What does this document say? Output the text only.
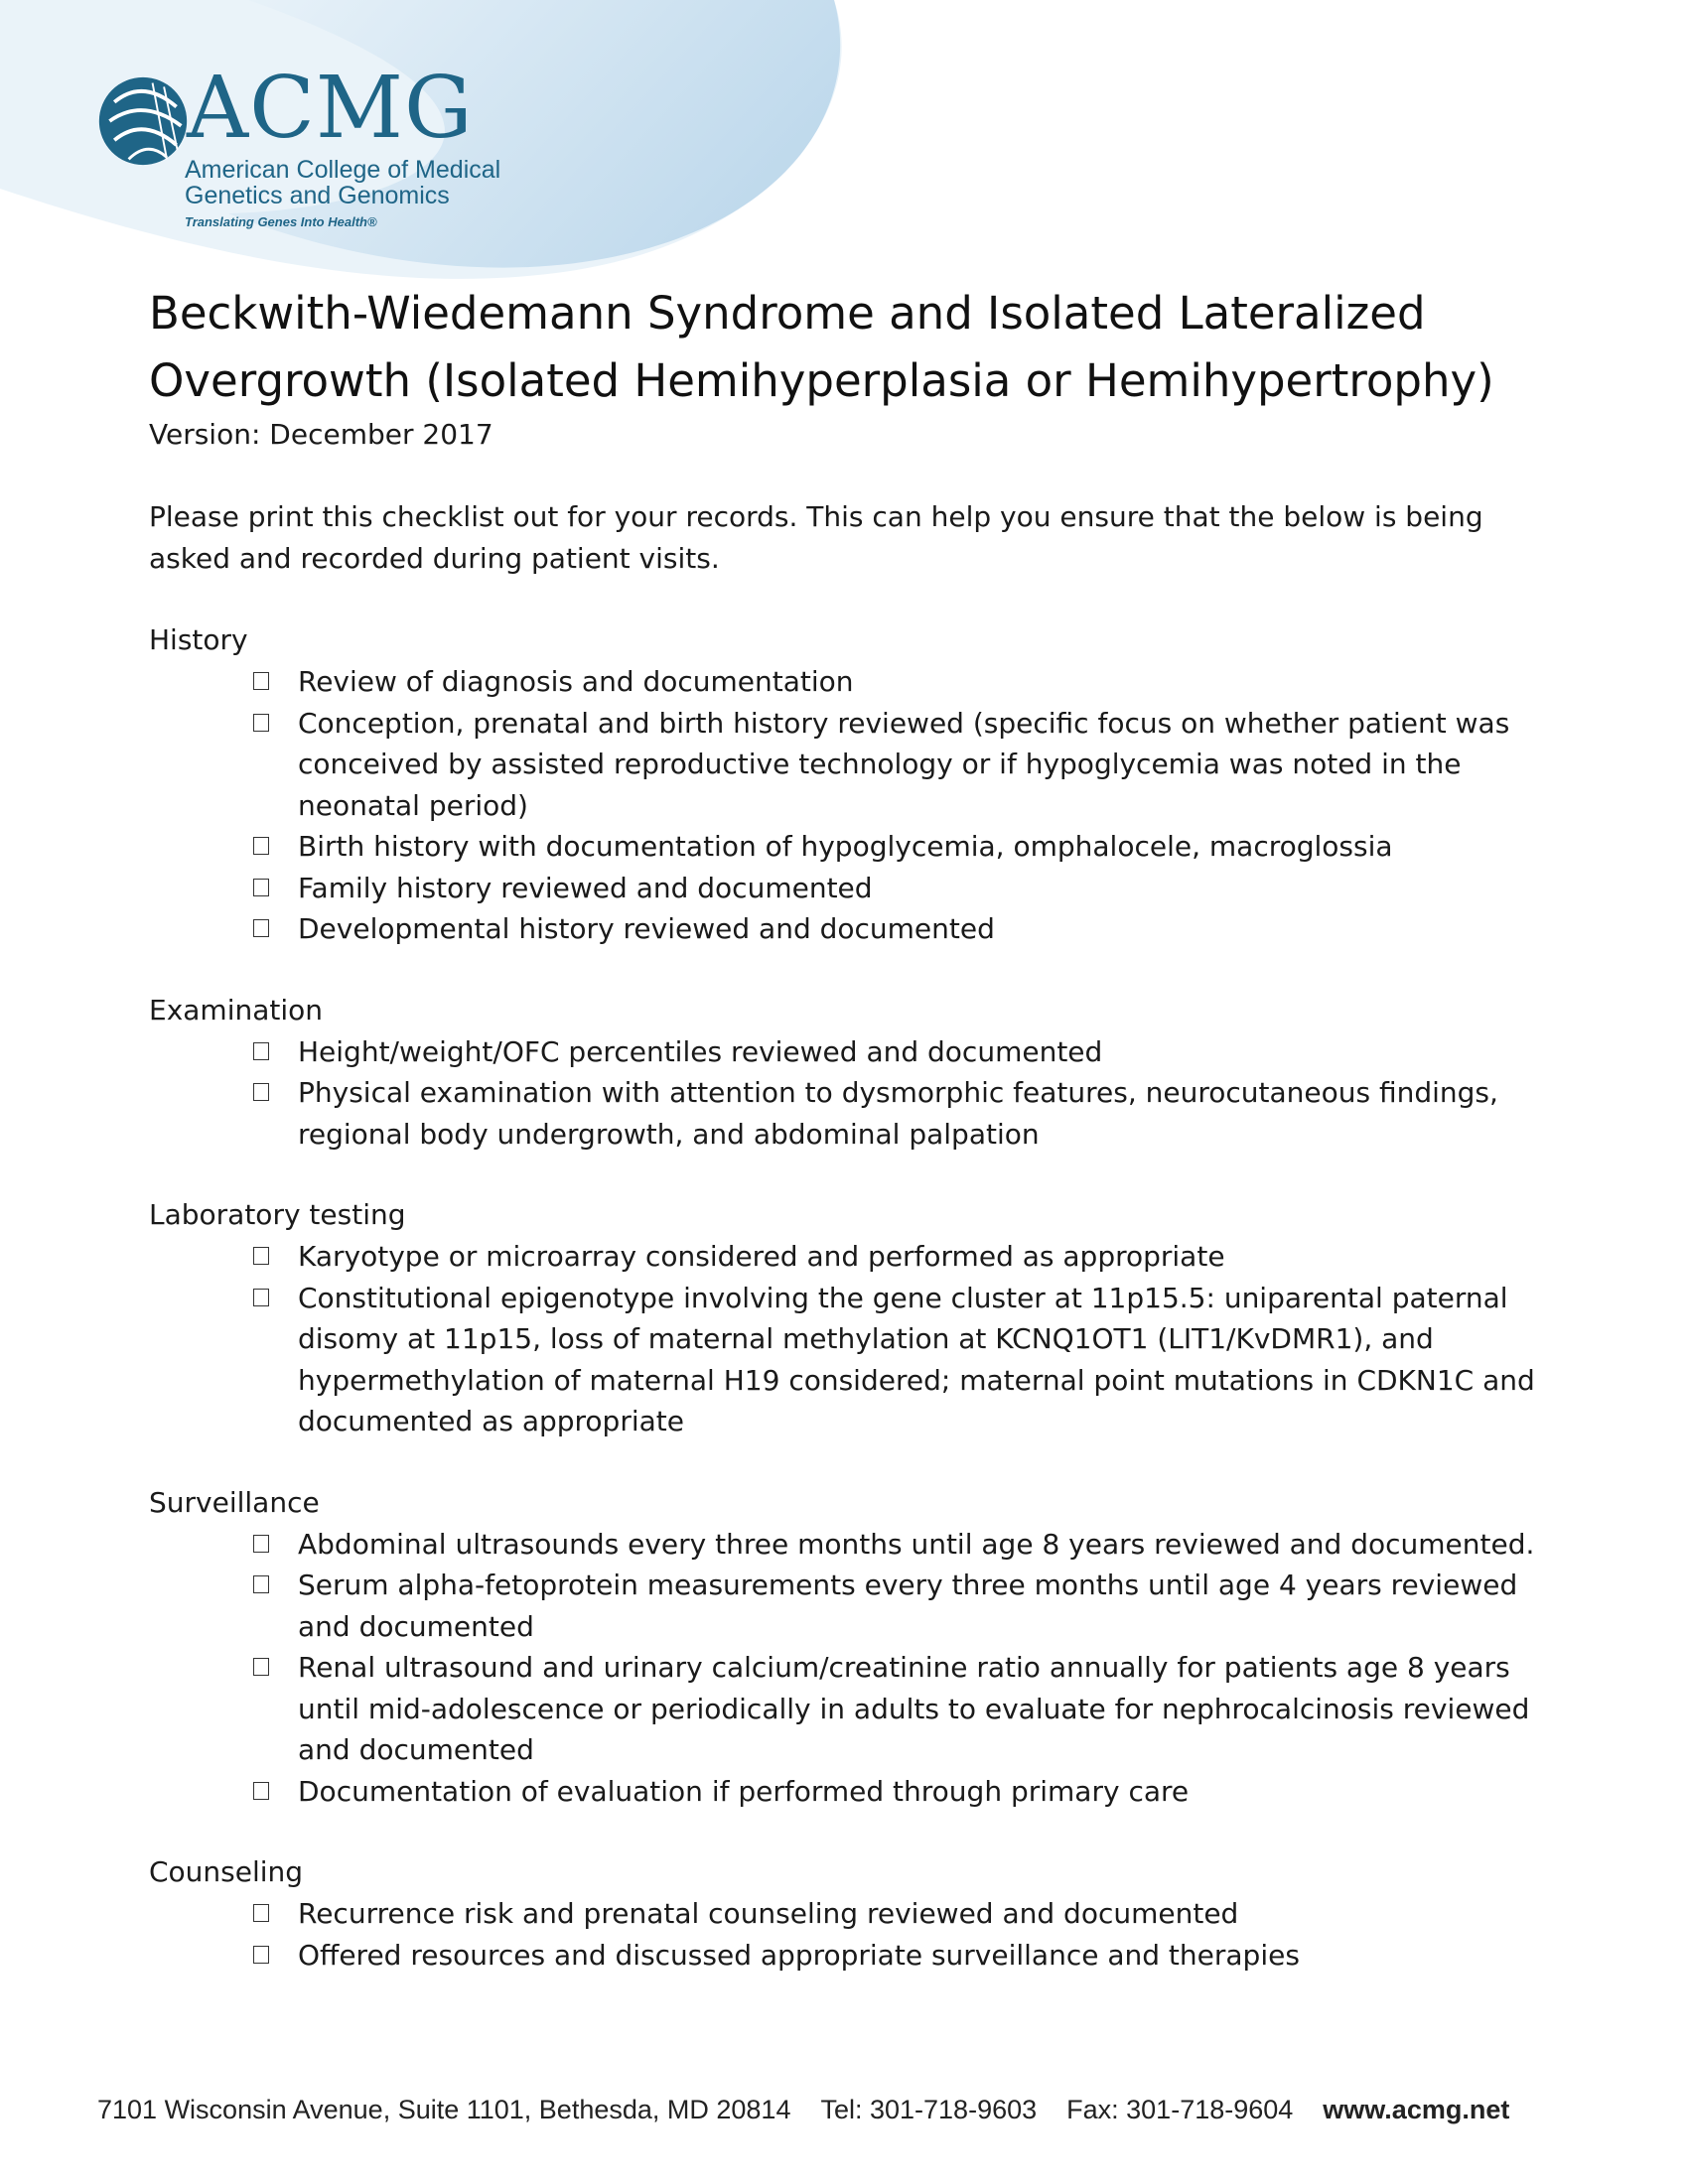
ACMG
American College of Medical
Genetics and Genomics
Translating Genes Into Health®
Beckwith-Wiedemann Syndrome and Isolated Lateralized
Overgrowth (Isolated Hemihyperplasia or Hemihypertrophy)
Version: December 2017
Please print this checklist out for your records. This can help you ensure that the below is being asked and recorded during patient visits.
History
Review of diagnosis and documentation
Conception, prenatal and birth history reviewed (specific focus on whether patient was conceived by assisted reproductive technology or if hypoglycemia was noted in the neonatal period)
Birth history with documentation of hypoglycemia, omphalocele, macroglossia
Family history reviewed and documented
Developmental history reviewed and documented
Examination
Height/weight/OFC percentiles reviewed and documented
Physical examination with attention to dysmorphic features, neurocutaneous findings, regional body undergrowth, and abdominal palpation
Laboratory testing
Karyotype or microarray considered and performed as appropriate
Constitutional epigenotype involving the gene cluster at 11p15.5: uniparental paternal disomy at 11p15, loss of maternal methylation at KCNQ1OT1 (LIT1/KvDMR1), and hypermethylation of maternal H19 considered; maternal point mutations in CDKN1C and documented as appropriate
Surveillance
Abdominal ultrasounds every three months until age 8 years reviewed and documented.
Serum alpha-fetoprotein measurements every three months until age 4 years reviewed and documented
Renal ultrasound and urinary calcium/creatinine ratio annually for patients age 8 years until mid-adolescence or periodically in adults to evaluate for nephrocalcinosis reviewed and documented
Documentation of evaluation if performed through primary care
Counseling
Recurrence risk and prenatal counseling reviewed and documented
Offered resources and discussed appropriate surveillance and therapies
7101 Wisconsin Avenue, Suite 1101, Bethesda, MD 20814 Tel: 301-718-9603 Fax: 301-718-9604 www.acmg.net
